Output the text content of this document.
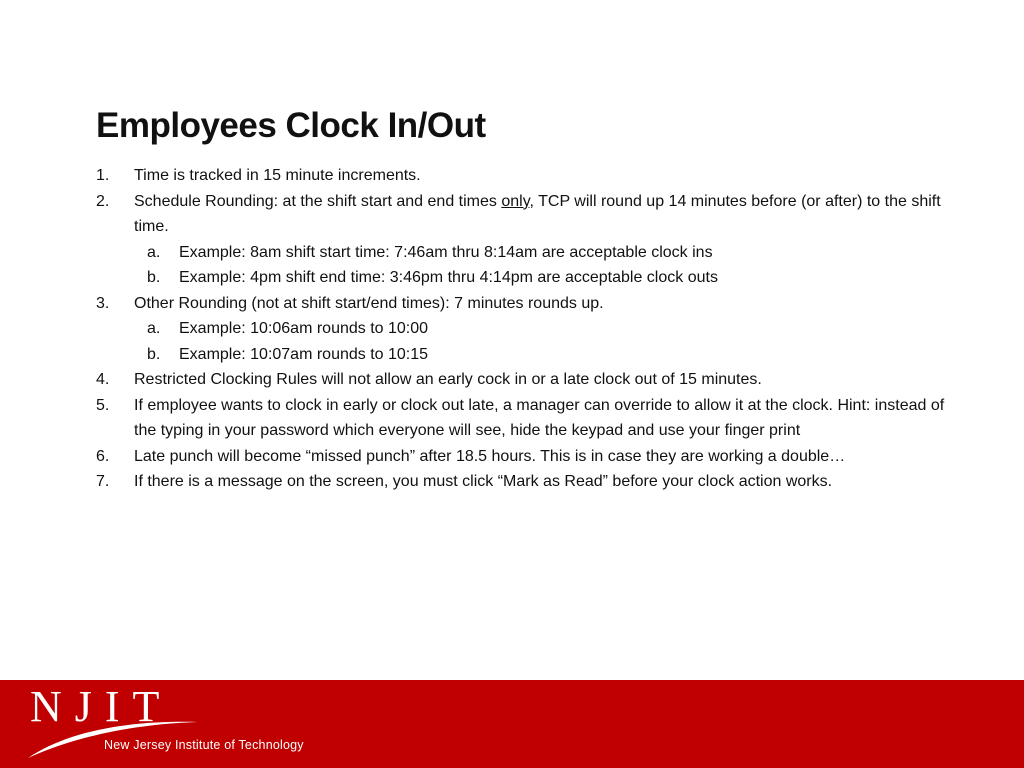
Employees Clock In/Out
1. Time is tracked in 15 minute increments.
2. Schedule Rounding: at the shift start and end times only, TCP will round up 14 minutes before (or after) to the shift time.
a. Example: 8am shift start time: 7:46am thru 8:14am are acceptable clock ins
b. Example: 4pm shift end time: 3:46pm thru 4:14pm are acceptable clock outs
3. Other Rounding (not at shift start/end times): 7 minutes rounds up.
a. Example: 10:06am rounds to 10:00
b. Example: 10:07am rounds to 10:15
4. Restricted Clocking Rules will not allow an early cock in or a late clock out of 15 minutes.
5. If employee wants to clock in early or clock out late, a manager can override to allow it at the clock. Hint: instead of the typing in your password which everyone will see, hide the keypad and use your finger print
6. Late punch will become “missed punch” after 18.5 hours. This is in case they are working a double…
7. If there is a message on the screen, you must click “Mark as Read” before your clock action works.
NJIT
New Jersey Institute of Technology
